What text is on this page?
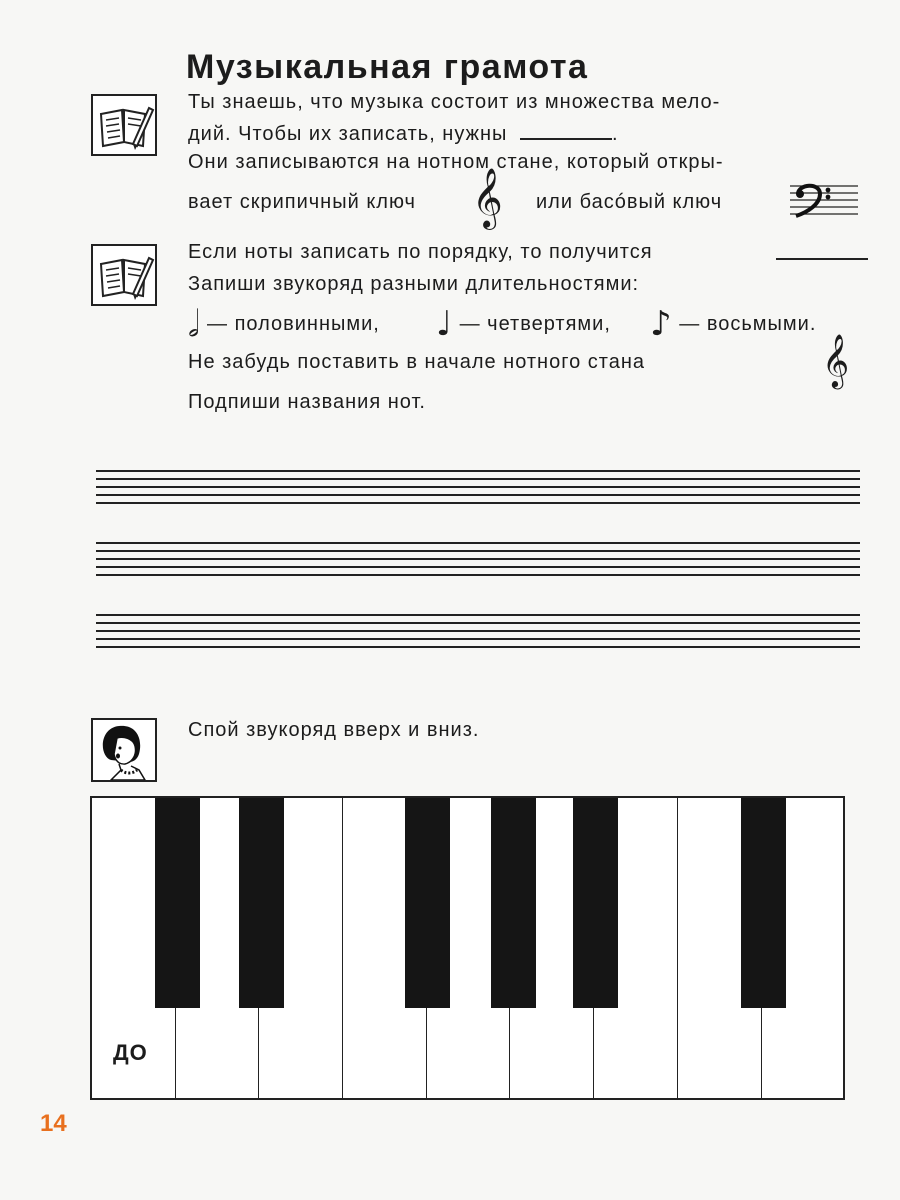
Музыкальная грамота
Ты знаешь, что музыка состоит из множества мело-
дий. Чтобы их записать, нужны	.
Они записываются на нотном стане, который откры-
вает скрипичный ключ 𝄞 или басóвый ключ
Если ноты записать по порядку, то получится
Запиши звукоряд разными длительностями:
𝅗𝅥 — половинными, ♩ — четвертями, ♪ — восьмыми.
Не забудь поставить в начале нотного стана	𝄞
Подпиши названия нот.
Спой звукоряд вверх и вниз.
ДО
14
